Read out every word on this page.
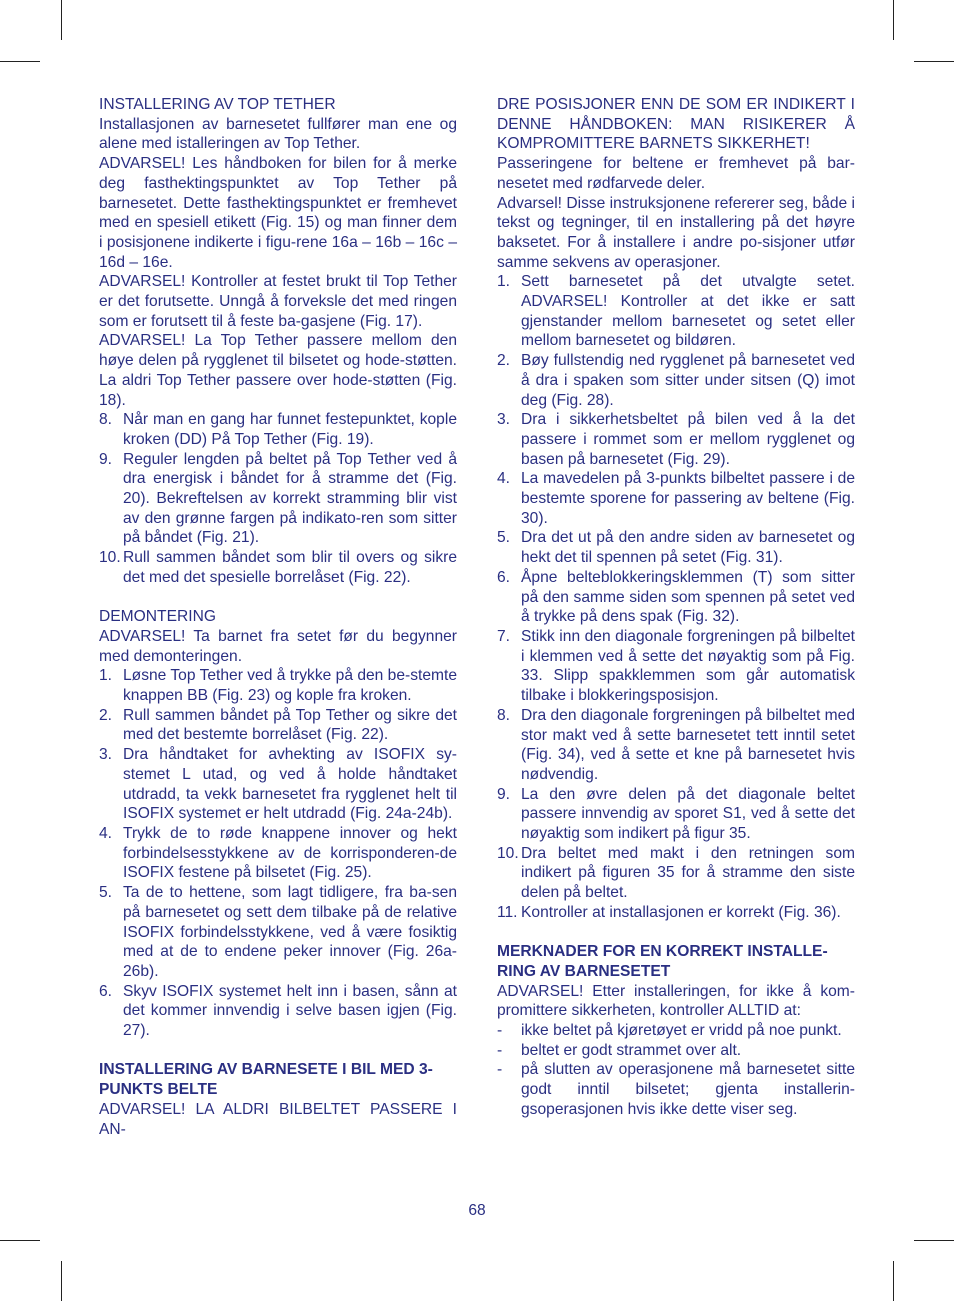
INSTALLERING AV TOP TETHER

Installasjonen av barnesetet fullfører man ene og alene med istalleringen av Top Tether.

ADVARSEL! Les håndboken for bilen for å merke deg fasthektingspunktet av Top Tether på barnesetet. Dette fasthektingspunktet er fremhevet med en spesiell etikett (Fig. 15) og man finner dem i posisjonene indikerte i figu-rene 16a – 16b – 16c –16d – 16e.

ADVARSEL! Kontroller at festet brukt til Top Tether er det forutsette. Unngå å forveksle det med ringen som er forutsett til å feste ba-gasjene (Fig. 17).

ADVARSEL! La Top Tether passere mellom den høye delen på rygglenet til bilsetet og hode-støtten. La aldri Top Tether passere over hode-støtten (Fig. 18).

8. Når man en gang har funnet festepunktet, kople kroken (DD) På Top Tether (Fig. 19).
9. Reguler lengden på beltet på Top Tether ved å dra energisk i båndet for å stramme det (Fig. 20). Bekreftelsen av korrekt stramming blir vist av den grønne fargen på indikato-ren som sitter på båndet (Fig. 21).
10. Rull sammen båndet som blir til overs og sikre det med det spesielle borrelåset (Fig. 22).

DEMONTERING

ADVARSEL! Ta barnet fra setet før du begynner med demonteringen.

1. Løsne Top Tether ved å trykke på den be-stemte knappen BB (Fig. 23) og kople fra kroken.
2. Rull sammen båndet på Top Tether og sikre det med det bestemte borrelåset (Fig. 22).
3. Dra håndtaket for avhekting av ISOFIX sy-stemet L utad, og ved å holde håndtaket utdradd, ta vekk barnesetet fra rygglenet helt til ISOFIX systemet er helt utdradd (Fig. 24a-24b).
4. Trykk de to røde knappene innover og hekt forbindelsesstykkene av de korrisponderen-de ISOFIX festene på bilsetet (Fig. 25).
5. Ta de to hettene, som lagt tidligere, fra ba-sen på barnesetet og sett dem tilbake på de relative ISOFIX forbindelsstykkene, ved å være fosiktig med at de to endene peker innover (Fig. 26a-26b).
6. Skyv ISOFIX systemet helt inn i basen, sånn at det kommer innvendig i selve basen igjen (Fig. 27).

INSTALLERING AV BARNESETE I BIL MED 3-PUNKTS BELTE

ADVARSEL! LA ALDRI BILBELTET PASSERE I AN-

DRE POSISJONER ENN DE SOM ER INDIKERT I DENNE HÅNDBOKEN: MAN RISIKERER Å KOMPROMITTERE BARNETS SIKKERHET!

Passeringene for beltene er fremhevet på bar-nesetet med rødfarvede deler.

Advarsel! Disse instruksjonene refererer seg, både i tekst og tegninger, til en installering på det høyre baksetet. For å installere i andre po-sisjoner utfør samme sekvens av operasjoner.

1. Sett barnesetet på det utvalgte setet. ADVARSEL! Kontroller at det ikke er satt gjenstander mellom barnesetet og setet eller mellom barnesetet og bildøren.
2. Bøy fullstendig ned rygglenet på barnesetet ved å dra i spaken som sitter under sitsen (Q) imot deg (Fig. 28).
3. Dra i sikkerhetsbeltet på bilen ved å la det passere i rommet som er mellom rygglenet og basen på barnesetet (Fig. 29).
4. La mavedelen på 3-punkts bilbeltet passere i de bestemte sporene for passering av beltene (Fig. 30).
5. Dra det ut på den andre siden av barnesetet og hekt det til spennen på setet (Fig. 31).
6. Åpne belteblokkeringsklemmen (T) som sitter på den samme siden som spennen på setet ved å trykke på dens spak (Fig. 32).
7. Stikk inn den diagonale forgreningen på bilbeltet i klemmen ved å sette det nøyaktig som på Fig. 33. Slipp spakklemmen som går automatisk tilbake i blokkeringsposisjon.
8. Dra den diagonale forgreningen på bilbeltet med stor makt ved å sette barnesetet tett inntil setet (Fig. 34), ved å sette et kne på barnesetet hvis nødvendig.
9. La den øvre delen på det diagonale beltet passere innvendig av sporet S1, ved å sette det nøyaktig som indikert på figur 35.
10. Dra beltet med makt i den retningen som indikert på figuren 35 for å stramme den siste delen på beltet.
11. Kontroller at installasjonen er korrekt (Fig. 36).

MERKNADER FOR EN KORREKT INSTALLE-RING AV BARNESETET

ADVARSEL! Etter installeringen, for ikke å kom-promittere sikkerheten, kontroller ALLTID at:

- ikke beltet på kjøretøyet er vridd på noe punkt.
- beltet er godt strammet over alt.
- på slutten av operasjonene må barnesetet sitte godt inntil bilsetet; gjenta installerin-gsoperasjonen hvis ikke dette viser seg.
68
